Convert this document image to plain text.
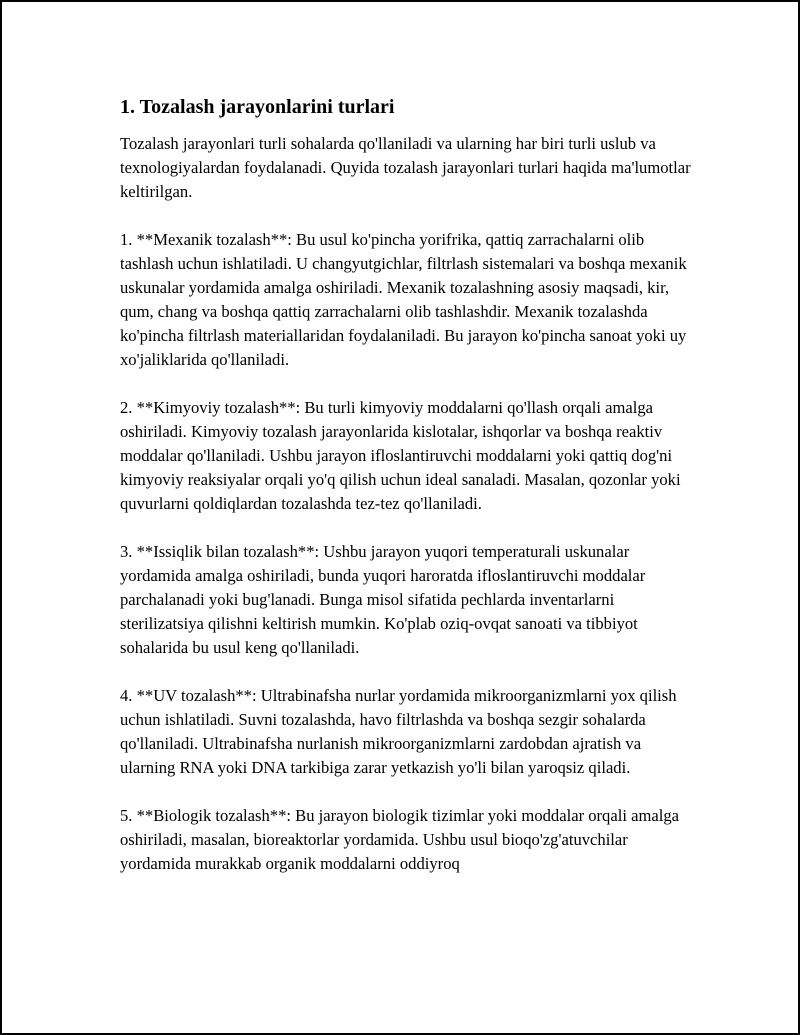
1. Tozalash jarayonlarini turlari

Tozalash jarayonlari turli sohalarda qo'llaniladi va ularning har biri turli uslub va texnologiyalardan foydalanadi. Quyida tozalash jarayonlari turlari haqida ma'lumotlar keltirilgan.

1. **Mexanik tozalash**: Bu usul ko'pincha yorifrika, qattiq zarrachalarni olib tashlash uchun ishlatiladi. U changyutgichlar, filtrlash sistemalari va boshqa mexanik uskunalar yordamida amalga oshiriladi. Mexanik tozalashning asosiy maqsadi, kir, qum, chang va boshqa qattiq zarrachalarni olib tashlashdir. Mexanik tozalashda ko'pincha filtrlash materiallaridan foydalaniladi. Bu jarayon ko'pincha sanoat yoki uy xo'jaliklarida qo'llaniladi.

2. **Kimyoviy tozalash**: Bu turli kimyoviy moddalarni qo'llash orqali amalga oshiriladi. Kimyoviy tozalash jarayonlarida kislotalar, ishqorlar va boshqa reaktiv moddalar qo'llaniladi. Ushbu jarayon ifloslantiruvchi moddalarni yoki qattiq dog'ni kimyoviy reaksiyalar orqali yo'q qilish uchun ideal sanaladi. Masalan, qozonlar yoki quvurlarni qoldiqlardan tozalashda tez-tez qo'llaniladi.

3. **Issiqlik bilan tozalash**: Ushbu jarayon yuqori temperaturali uskunalar yordamida amalga oshiriladi, bunda yuqori haroratda ifloslantiruvchi moddalar parchalanadi yoki bug'lanadi. Bunga misol sifatida pechlarda inventarlarni sterilizatsiya qilishni keltirish mumkin. Ko'plab oziq-ovqat sanoati va tibbiyot sohalarida bu usul keng qo'llaniladi.

4. **UV tozalash**: Ultrabinafsha nurlar yordamida mikroorganizmlarni yox qilish uchun ishlatiladi. Suvni tozalashda, havo filtrlashda va boshqa sezgir sohalarda qo'llaniladi. Ultrabinafsha nurlanish mikroorganizmlarni zardobdan ajratish va ularning RNA yoki DNA tarkibiga zarar yetkazish yo'li bilan yaroqsiz qiladi.

5. **Biologik tozalash**: Bu jarayon biologik tizimlar yoki moddalar orqali amalga oshiriladi, masalan, bioreaktorlar yordamida. Ushbu usul bioqo'zg'atuvchilar yordamida murakkab organik moddalarni oddiyroq
